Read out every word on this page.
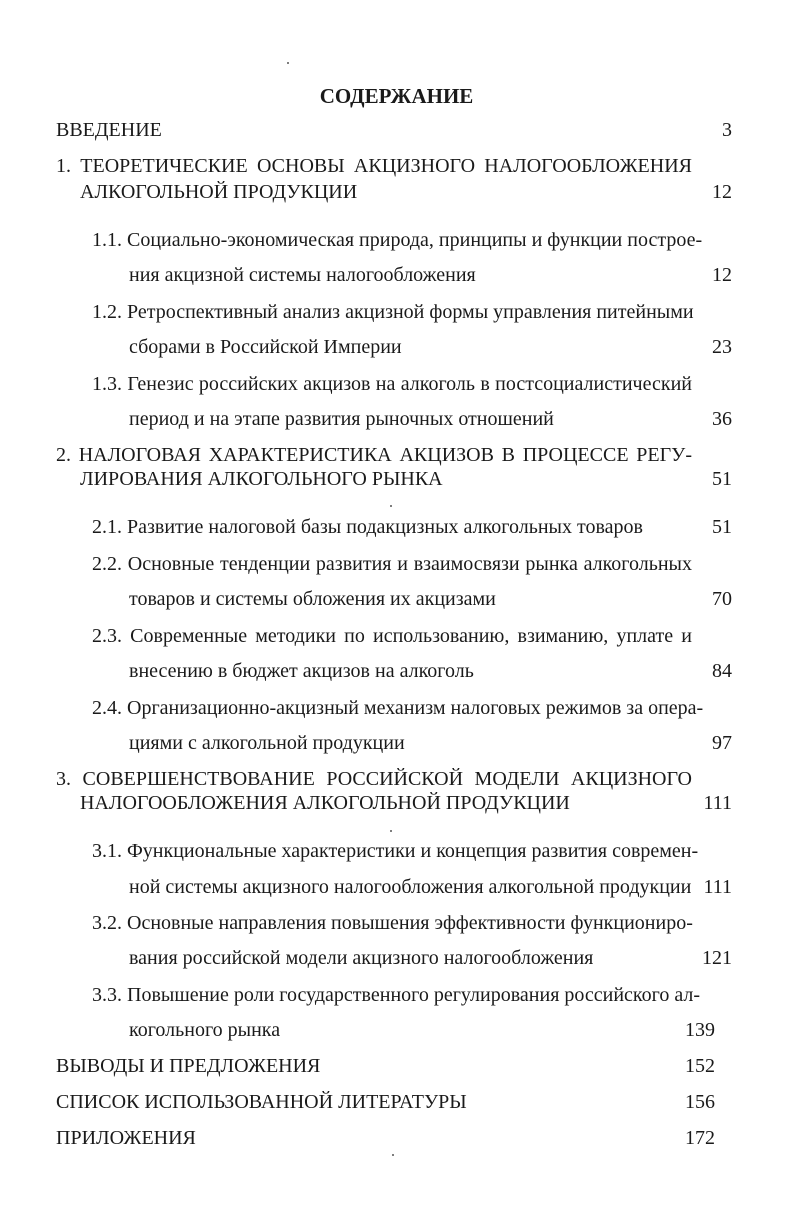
СОДЕРЖАНИЕ
ВВЕДЕНИЕ	3
1. ТЕОРЕТИЧЕСКИЕ ОСНОВЫ АКЦИЗНОГО НАЛОГООБЛОЖЕНИЯ
АЛКОГОЛЬНОЙ ПРОДУКЦИИ	12
1.1. Социально-экономическая природа, принципы и функции построе-
ния акцизной системы налогообложения	12
1.2. Ретроспективный анализ акцизной формы управления питейными
сборами в Российской Империи	23
1.3. Генезис российских акцизов на алкоголь в постсоциалистический
период и на этапе развития рыночных отношений	36
2. НАЛОГОВАЯ ХАРАКТЕРИСТИКА АКЦИЗОВ В ПРОЦЕССЕ РЕГУ-
ЛИРОВАНИЯ АЛКОГОЛЬНОГО РЫНКА	51
2.1. Развитие налоговой базы подакцизных алкогольных товаров	51
2.2. Основные тенденции развития и взаимосвязи рынка алкогольных
товаров и системы обложения их акцизами	70
2.3. Современные методики по использованию, взиманию, уплате и
внесению в бюджет акцизов на алкоголь	84
2.4. Организационно-акцизный механизм налоговых режимов за опера-
циями с алкогольной продукции	97
3. СОВЕРШЕНСТВОВАНИЕ РОССИЙСКОЙ МОДЕЛИ АКЦИЗНОГО
НАЛОГООБЛОЖЕНИЯ АЛКОГОЛЬНОЙ ПРОДУКЦИИ	111
3.1. Функциональные характеристики и концепция развития современ-
ной системы акцизного налогообложения алкогольной продукции 111
3.2. Основные направления повышения эффективности функциониро-
вания российской модели акцизного налогообложения	121
3.3. Повышение роли государственного регулирования российского ал-
когольного рынка	139
ВЫВОДЫ И ПРЕДЛОЖЕНИЯ	152
СПИСОК ИСПОЛЬЗОВАННОЙ ЛИТЕРАТУРЫ	156
ПРИЛОЖЕНИЯ	172
